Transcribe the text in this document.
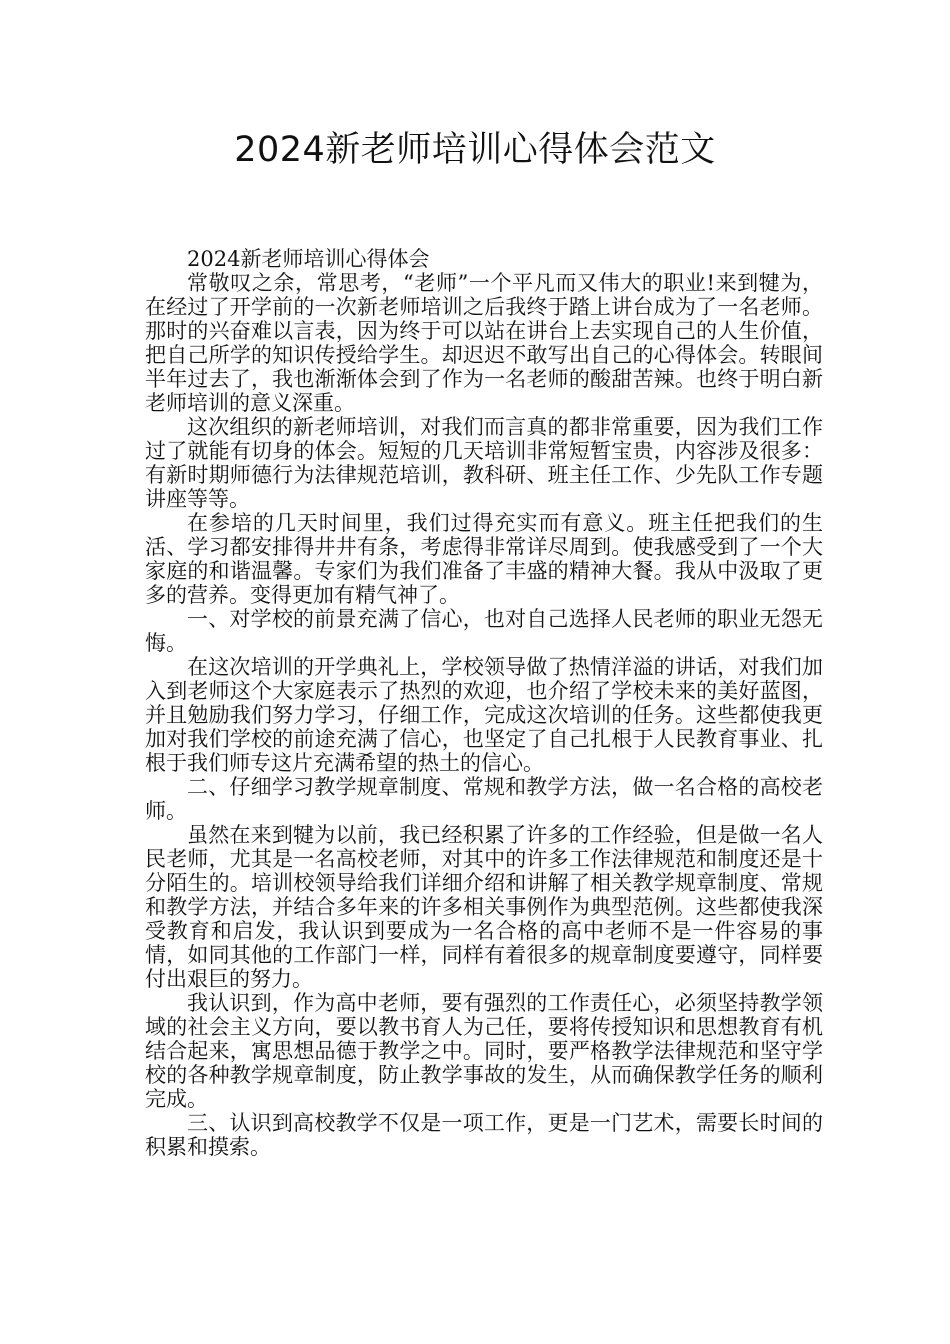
2024新老师培训心得体会范文

2024新老师培训心得体会

常敬叹之余，常思考，“老师”一个平凡而又伟大的职业!来到犍为，在经过了开学前的一次新老师培训之后我终于踏上讲台成为了一名老师。那时的兴奋难以言表，因为终于可以站在讲台上去实现自己的人生价值，把自己所学的知识传授给学生。却迟迟不敢写出自己的心得体会。转眼间半年过去了，我也渐渐体会到了作为一名老师的酸甜苦辣。也终于明白新老师培训的意义深重。

这次组织的新老师培训，对我们而言真的都非常重要，因为我们工作过了就能有切身的体会。短短的几天培训非常短暂宝贵，内容涉及很多：有新时期师德行为法律规范培训，教科研、班主任工作、少先队工作专题讲座等等。

在参培的几天时间里，我们过得充实而有意义。班主任把我们的生活、学习都安排得井井有条，考虑得非常详尽周到。使我感受到了一个大家庭的和谐温馨。专家们为我们准备了丰盛的精神大餐。我从中汲取了更多的营养。变得更加有精气神了。

一、对学校的前景充满了信心，也对自己选择人民老师的职业无怨无悔。

在这次培训的开学典礼上，学校领导做了热情洋溢的讲话，对我们加入到老师这个大家庭表示了热烈的欢迎，也介绍了学校未来的美好蓝图，并且勉励我们努力学习，仔细工作，完成这次培训的任务。这些都使我更加对我们学校的前途充满了信心，也坚定了自己扎根于人民教育事业、扎根于我们师专这片充满希望的热土的信心。

二、仔细学习教学规章制度、常规和教学方法，做一名合格的高校老师。

虽然在来到犍为以前，我已经积累了许多的工作经验，但是做一名人民老师，尤其是一名高校老师，对其中的许多工作法律规范和制度还是十分陌生的。培训校领导给我们详细介绍和讲解了相关教学规章制度、常规和教学方法，并结合多年来的许多相关事例作为典型范例。这些都使我深受教育和启发，我认识到要成为一名合格的高中老师不是一件容易的事情，如同其他的工作部门一样，同样有着很多的规章制度要遵守，同样要付出艰巨的努力。

我认识到，作为高中老师，要有强烈的工作责任心，必须坚持教学领域的社会主义方向，要以教书育人为己任，要将传授知识和思想教育有机结合起来，寓思想品德于教学之中。同时，要严格教学法律规范和坚守学校的各种教学规章制度，防止教学事故的发生，从而确保教学任务的顺利完成。

三、认识到高校教学不仅是一项工作，更是一门艺术，需要长时间的积累和摸索。
